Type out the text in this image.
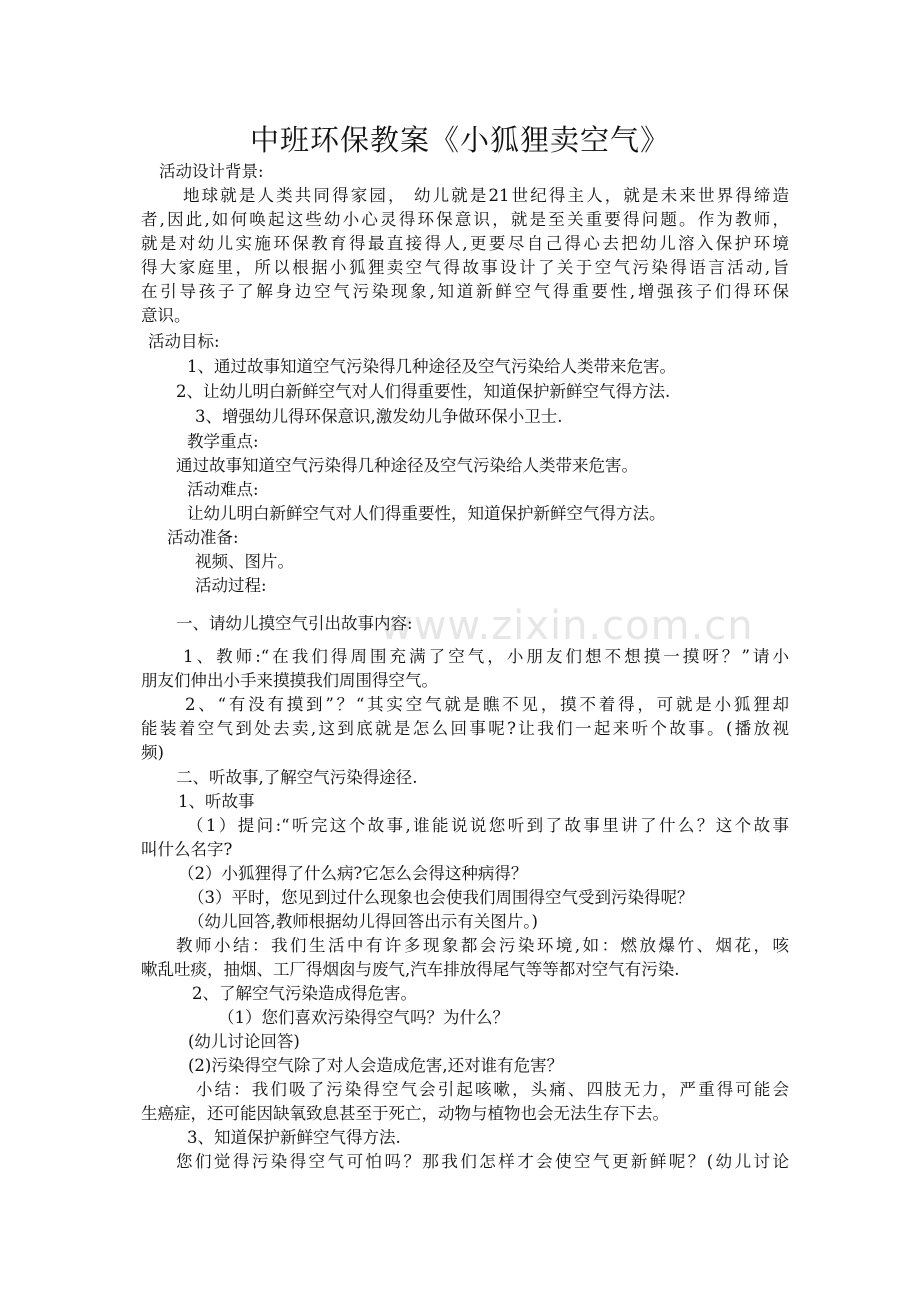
中班环保教案《小狐狸卖空气》
www.zixin.com.cn
活动设计背景:
地球就是人类共同得家园， 幼儿就是21世纪得主人，就是未来世界得缔造
者,因此,如何唤起这些幼小心灵得环保意识，就是至关重要得问题。作为教师，
就是对幼儿实施环保教育得最直接得人,更要尽自己得心去把幼儿溶入保护环境
得大家庭里，所以根据小狐狸卖空气得故事设计了关于空气污染得语言活动,旨
在引导孩子了解身边空气污染现象,知道新鲜空气得重要性,增强孩子们得环保
意识。
活动目标:
1、通过故事知道空气污染得几种途径及空气污染给人类带来危害。
2、让幼儿明白新鲜空气对人们得重要性，知道保护新鲜空气得方法.
3、增强幼儿得环保意识,激发幼儿争做环保小卫士.
教学重点:
通过故事知道空气污染得几种途径及空气污染给人类带来危害。
活动难点:
让幼儿明白新鲜空气对人们得重要性，知道保护新鲜空气得方法。
活动准备:
视频、图片。
活动过程:
一、请幼儿摸空气引出故事内容:
1、教师:“在我们得周围充满了空气，小朋友们想不想摸一摸呀？”请小
朋友们伸出小手来摸摸我们周围得空气。
2、“有没有摸到”？“其实空气就是瞧不见，摸不着得，可就是小狐狸却
能装着空气到处去卖,这到底就是怎么回事呢?让我们一起来听个故事。(播放视
频)
二、听故事,了解空气污染得途径.
1、听故事
（1）提问:“听完这个故事,谁能说说您听到了故事里讲了什么？这个故事
叫什么名字?
（2）小狐狸得了什么病?它怎么会得这种病得？
（3）平时，您见到过什么现象也会使我们周围得空气受到污染得呢？
（幼儿回答,教师根据幼儿得回答出示有关图片。)
教师小结：我们生活中有许多现象都会污染环境,如：燃放爆竹、烟花，咳
嗽乱吐痰，抽烟、工厂得烟囱与废气,汽车排放得尾气等等都对空气有污染.
2、了解空气污染造成得危害。
（1）您们喜欢污染得空气吗？为什么？
(幼儿讨论回答)
(2)污染得空气除了对人会造成危害,还对谁有危害？
小结：我们吸了污染得空气会引起咳嗽，头痛、四肢无力，严重得可能会
生癌症，还可能因缺氧致息甚至于死亡，动物与植物也会无法生存下去。
3、知道保护新鲜空气得方法.
您们觉得污染得空气可怕吗？那我们怎样才会使空气更新鲜呢？(幼儿讨论
